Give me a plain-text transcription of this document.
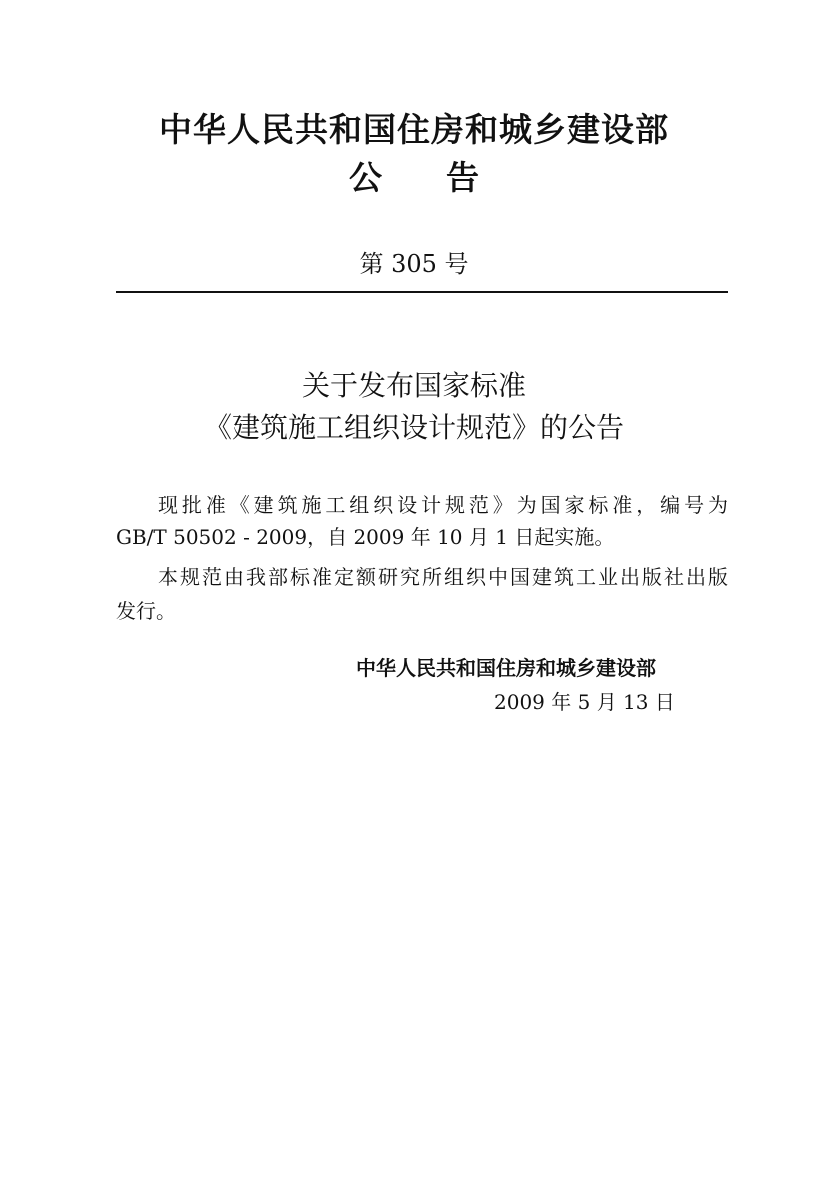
中华人民共和国住房和城乡建设部
公 告
第 305 号
关于发布国家标准
《建筑施工组织设计规范》的公告
现批准《建筑施工组织设计规范》为国家标准，编号为
GB/T 50502 - 2009，自 2009 年 10 月 1 日起实施。
本规范由我部标准定额研究所组织中国建筑工业出版社出版
发行。
中华人民共和国住房和城乡建设部
2009 年 5 月 13 日
